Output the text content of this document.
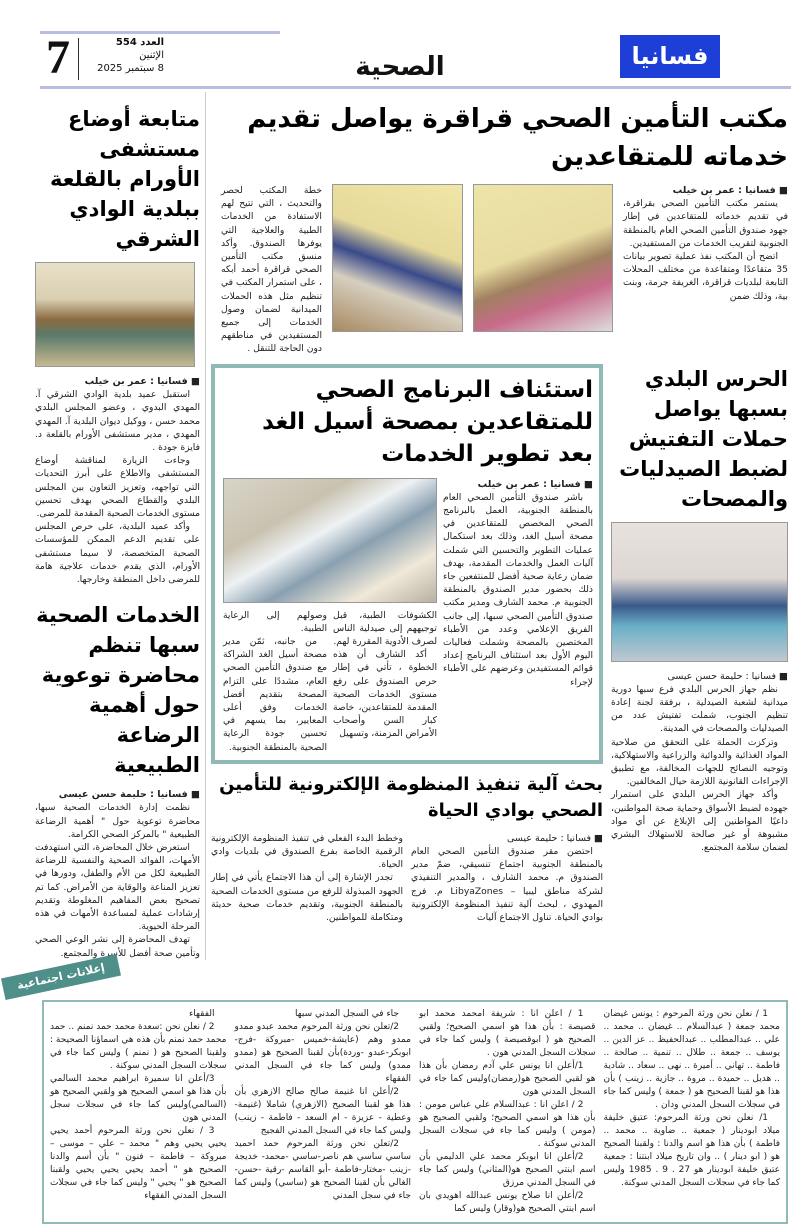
7	العدد 554
الإثنين
8 سبتمبر 2025	الصحية	فسانيا
متابعة أوضاع مستشفى الأورام بالقلعة ببلدية الوادي الشرقي

■ فسانيا : عمر بن خيلب

استقبل عميد بلدية الوادي الشرقي آ. المهدي البدوي ، وعضو المجلس البلدي محمد حسن ، ووكيل ديوان البلدية آ. المهدي المهدي ، مدير مستشفى الأورام بالقلعة د. فايزة جودة .

وجاءت الزيارة لمناقشة أوضاع المستشفى والاطلاع على أبرز التحديات التي تواجهه، وتعزيز التعاون بين المجلس البلدي والقطاع الصحي بهدف تحسين مستوى الخدمات الصحية المقدمة للمرضى.

وأكد عميد البلدية، على حرص المجلس على تقديم الدعم الممكن للمؤسسات الصحية المتخصصة، لا سيما مستشفى الأورام، الذي يقدم خدمات علاجية هامة للمرضى داخل المنطقة وخارجها.

الخدمات الصحية سبها تنظم محاضرة توعوية حول أهمية الرضاعة الطبيعية

■ فسانيا : حليمة حسن عيسى

نظمت إدارة الخدمات الصحية سبها، محاضرة توعوية حول " أهمية الرضاعة الطبيعية " بالمركز الصحي الكرامة.

استعرض خلال المحاضرة، التي استهدفت الأمهات، الفوائد الصحية والنفسية للرضاعة الطبيعية لكل من الأم والطفل، ودورها في تعزيز المناعة والوقاية من الأمراض. كما تم تصحيح بعض المفاهيم المغلوطة وتقديم إرشادات عملية لمساعدة الأمهات في هذه المرحلة الحيوية.

تهدف المحاضرة إلى نشر الوعي الصحي وتأمين صحة أفضل للأسرة والمجتمع.

مكتب التأمين الصحي قراقرة يواصل تقديم خدماته للمتقاعدين

■ فسانيا : عمر بن خيلب

يستمر مكتب التأمين الصحي بقراقرة، في تقديم خدماته للمتقاعدين في إطار جهود صندوق التأمين الصحي العام بالمنطقة الجنوبية لتقريب الخدمات من المستفيدين.

اتضح أن المكتب نفذ عملية تصوير بيانات 35 متقاعدًا ومتقاعدة من مختلف المحلات التابعة لبلديات قراقرة، الغريفة جرمة، وبنت بية، وذلك ضمن

خطة المكتب لحصر والتحديث ، التي تتيح لهم الاستفادة من الخدمات الطبية والعلاجية التي يوفرها الصندوق. وأكد منسق مكتب التأمين الصحي قراقرة أحمد أبكه ، على استمرار المكتب في تنظيم مثل هذه الحملات الميدانية لضمان وصول الخدمات إلى جميع المستفيدين في مناطقهم دون الحاجة للتنقل .

الحرس البلدي بسبها يواصل حملات التفتيش لضبط الصيدليات والمصحات

■ فسانيا : حليمة حسن عيسى

نظم جهاز الحرس البلدي فرع سبها دورية ميدانية لشعبة الصيدلية ، برفقة لجنة إعادة تنظيم الجنوب، شملت تفتيش عدد من الصيدليات والمصحات في المدينة.

وتركزت الحملة على التحقق من صلاحية المواد الغذائية والدوائية والزراعية والاستهلاكية، وتوجيه النصائح للجهات المخالفة، مع تطبيق الإجراءات القانونية اللازمة حيال المخالفين.

وأكد جهاز الحرس البلدي على استمرار جهوده لضبط الأسواق وحماية صحة المواطنين، داعيًا المواطنين إلى الإبلاغ عن أي مواد مشبوهة أو غير صالحة للاستهلاك البشري لضمان سلامة المجتمع.

استئناف البرنامج الصحي للمتقاعدين بمصحة أسيل الغد بعد تطوير الخدمات

■ فسانيا : عمر بن خيلب

باشر صندوق التأمين الصحي العام بالمنطقة الجنوبية، العمل بالبرنامج الصحي المخصص للمتقاعدين في مصحة أسيل الغد، وذلك بعد استكمال عمليات التطوير والتحسين التي شملت آليات العمل والخدمات المقدمة، بهدف ضمان رعاية صحية أفضل للمنتفعين جاء ذلك بحضور مدير الصندوق بالمنطقة الجنوبية م. محمد الشارف ومدير مكتب صندوق التأمين الصحي سبها، إلى جانب الفريق الإعلامي وعدد من الأطباء المختصين بالمصحة وشملت فعاليات اليوم الأول بعد استئناف البرنامج إعداد قوائم المستفيدين وعرضهم على الأطباء لإجراء

الكشوفات الطبية، قبل توجيههم إلى صيدلية الناس لصرف الأدوية المقررة لهم.

أكد الشارف أن هذه الخطوة ، تأتي في إطار حرص الصندوق على رفع مستوى الخدمات الصحية المقدمة للمتقاعدين، خاصة كبار السن وأصحاب الأمراض المزمنة، وتسهيل

وصولهم إلى الرعاية الطبية.

من جانبه، ثمّن مدير مصحة أسيل الغد الشراكة مع صندوق التأمين الصحي العام، مشددًا على التزام المصحة بتقديم أفضل الخدمات وفق أعلى المعايير، بما يسهم في تحسين جودة الرعاية الصحية بالمنطقة الجنوبية.

بحث آلية تنفيذ المنظومة الإلكترونية للتأمين الصحي بوادي الحياة

■ فسانيا : حليمة عيسى

احتضن مقر صندوق التأمين الصحي العام بالمنطقة الجنوبية اجتماع تنسيقي، ضمّ مدير الصندوق م. محمد الشارف ، والمدير التنفيذي لشركة مناطق ليبيا – LibyaZones م. فرج المهدوي ، لبحث آلية تنفيذ المنظومة الإلكترونية بوادي الحياة. تناول الاجتماع آليات

وخطط البدء الفعلي في تنفيذ المنظومة الإلكترونية الرقمية الخاصة بفرع الصندوق في بلديات وادي الحياة.

تجدر الإشارة إلى أن هذا الاجتماع يأتي في إطار الجهود المبذولة للرفع من مستوى الخدمات الصحية بالمنطقة الجنوبية، وتقديم خدمات صحية حديثة ومتكاملة للمواطنين.

إعلانات اجتماعية

1 / نعلن نحن ورثة المرحوم : يونس غيضان محمد جمعة ( عبدالسلام .. غيضان .. محمد .. علي .. عبدالمطلب .. عبدالحفيظ .. عز الدين .. يوسف .. جمعة .. طلال .. تنمية .. صالحة .. فاطمة .. تهاني .. أميرة .. نهى .. سعاد .. شادية .. هديل .. حميدة .. مروة .. جازية .. زينب ) بأن هذا هو لقبنا الصحيح هو ( جمعة ) وليس كما جاء في سجلات السجل المدني ودان .

1/ نعلن نحن ورثة المرحوم: عتيق خليفة ميلاد ابودينار ( جمعية .. ضاوية .. محمد .. فاطمة ) بأن هذا هو اسم والدنا : ولقبنا الصحيح هو ( ابو دينار ) .. وان تاريخ ميلاد ابنتنا : جمعية عتيق خليفة ابودينار هو 27 . 9 . 1985 وليس كما جاء في سجلات السجل المدني سوكنة.

1 / اعلن انا : شريفة امحمد محمد ابو قصيصة : بأن هذا هو اسمي الصحيح؛ ولقبي الصحيح هو ( ابوقصيصة ) وليس كما جاء في سجلات السجل المدني هون .

1/أعلن انا يونس علي آدم رمضان بأن هذا هو لقبي الصحيح هو(رمضان)وليس كما جاء في السجل المدني هون

2 / اعلن انا : عبدالسلام علي عباس مومن : بأن هذا هو اسمي الصحيح؛ ولقبي الصحيح هو (مومن ) وليس كما جاء في سجلات السجل المدني سوكنة .

2/أعلن انا ابوبكر محمد علي الدليمي بأن اسم ابنتي الصحيح هو(المثاني) وليس كما جاء في السجل المدني مرزق

2/أعلن انا صلاح يونس عبدالله اهويدي بان اسم ابنتي الصحيح هو(وقار) وليس كما

جاء في السجل المدني سبها

2/تعلن نحن ورثة المرحوم محمد عبدو ممدو ممدو وهم (عايشة-خميس -مبروكة -فرج-ابوبكر-عبدو -وردة)بأن لقبنا الصحيح هو (ممدو ممدو) وليس كما جاء في السجل المدني الفقهاء

2/أعلن انا غنيمة صالح صالح الازهري بأن هذا هو لقبنا الصحيح (الازهري) شاملا (غنيمة- وعطية - عزيزة - ام السعد - فاطمة - زينب) وليس كما جاء في السجل المدني الفجيج

2/تعلن نحن ورثة المرحوم حمد احميد ساسي ساسي هم ناصر-ساسي -محمد- خديجة -زينب -مختار-فاطمة -أبو القاسم -رقية -حسن-الغالي بأن لقبنا الصحيح هو (ساسي) وليس كما جاء في سجل المدني

الفقهاء

2 / نعلن نحن :سعدة محمد حمد نمنم .. حمد محمد حمد نمنم بأن هذه هي اسماؤنا الصحيحة : ولقبنا الصحيح هو ( نمنم ) وليس كما جاء في سجلات السجل المدني سوكنة .

3/أعلن انا سميرة ابراهيم محمد السالمي بأن هذا هو اسمي الصحيح هو ولقبي الصحيح هو (السالمي)وليس كما جاء في سجلات سجل المدني هون

3 / نعلن نحن ورثة المرحوم أحمد يحيي يحيي يحيي وهم " محمد – علي – موسى – مبروكة – فاطمة – فنون " بأن أسم والدنا الصحيح هو " أحمد يحيي يحيي يحيي ولقبنا الصحيح هو " يحيي " وليس كما جاء في سجلات السجل المدني الفقهاء
